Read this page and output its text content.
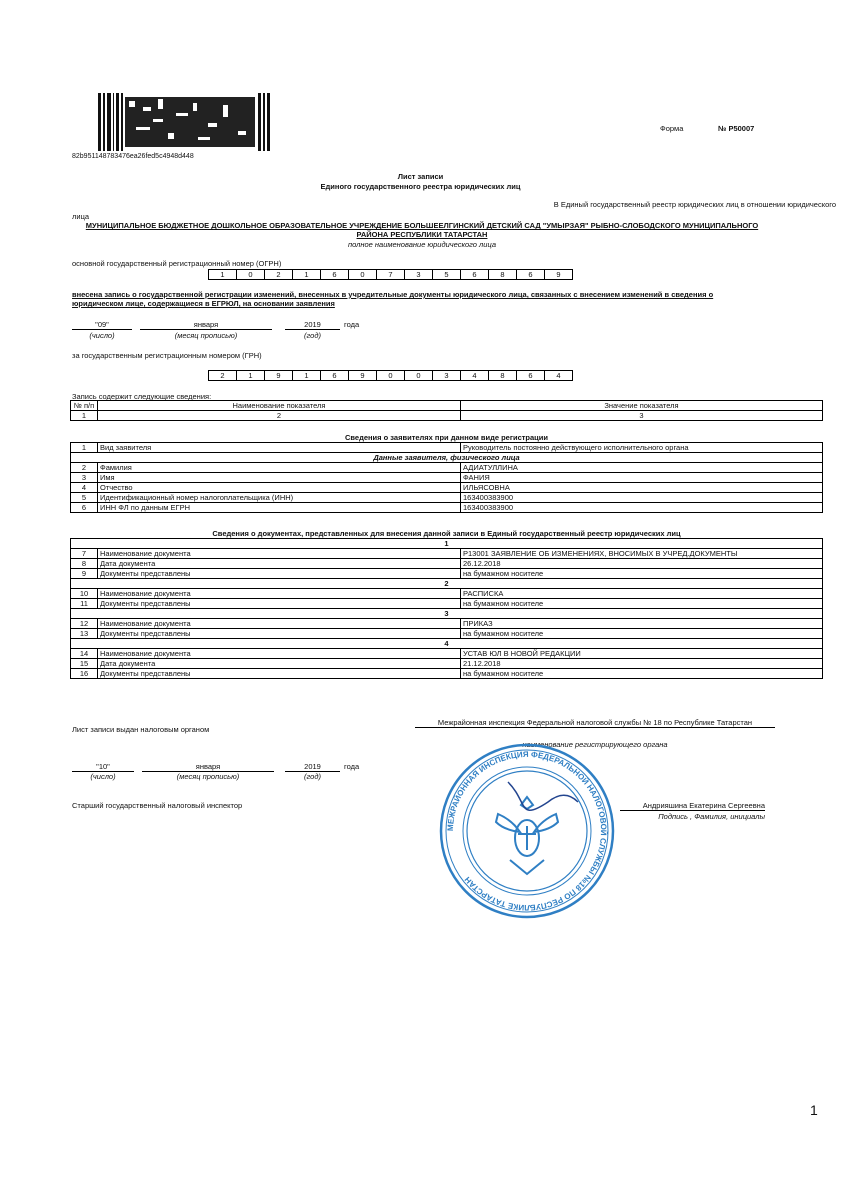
82b951148783476ea26fed5c4948d448
Форма	№ Р50007
Лист записи
Единого государственного реестра юридических лиц
В Единый государственный реестр юридических лиц в отношении юридического
лица
МУНИЦИПАЛЬНОЕ БЮДЖЕТНОЕ ДОШКОЛЬНОЕ ОБРАЗОВАТЕЛЬНОЕ УЧРЕЖДЕНИЕ БОЛЬШЕЕЛГИНСКИЙ ДЕТСКИЙ САД "УМЫРЗАЯ" РЫБНО-СЛОБОДСКОГО МУНИЦИПАЛЬНОГО РАЙОНА РЕСПУБЛИКИ ТАТАРСТАН
полное наименование юридического лица
основной государственный регистрационный номер (ОГРН)
1	0	2	1	6	0	7	3	5	6	8	6	9
внесена запись о государственной регистрации изменений, внесенных в учредительные документы юридического лица, связанных с внесением изменений в сведения о юридическом лице, содержащиеся в ЕГРЮЛ, на основании заявления
"09"	января	2019	года
(число)	(месяц прописью)	(год)
за государственным регистрационным номером (ГРН)
2	1	9	1	6	9	0	0	3	4	8	6	4
Запись содержит следующие сведения:
№ п/п	Наименование показателя	Значение показателя
1	2	3
Сведения о заявителях при данном виде регистрации
1	Вид заявителя	Руководитель постоянно действующего исполнительного органа
Данные заявителя, физического лица		
2	Фамилия	АДИАТУЛЛИНА
3	Имя	ФАНИЯ
4	Отчество	ИЛЬЯСОВНА
5	Идентификационный номер налогоплательщика (ИНН)	163400383900
6	ИНН ФЛ по данным ЕГРН	163400383900
Сведения о документах, представленных для внесения данной записи в Единый государственный реестр юридических лиц
1		
7	Наименование документа	Р13001 ЗАЯВЛЕНИЕ ОБ ИЗМЕНЕНИЯХ, ВНОСИМЫХ В УЧРЕД.ДОКУМЕНТЫ
8	Дата документа	26.12.2018
9	Документы представлены	на бумажном носителе
2		
10	Наименование документа	РАСПИСКА
11	Документы представлены	на бумажном носителе
3		
12	Наименование документа	ПРИКАЗ
13	Документы представлены	на бумажном носителе
4		
14	Наименование документа	УСТАВ ЮЛ В НОВОЙ РЕДАКЦИИ
15	Дата документа	21.12.2018
16	Документы представлены	на бумажном носителе
Лист записи выдан налоговым органом
Межрайонная инспекция Федеральной налоговой службы № 18 по Республике Татарстан
наименование регистрирующего органа
"10"	января	2019	года
(число)	(месяц прописью)	(год)
Старший государственный налоговый инспектор	Андрияшина Екатерина Сергеевна
Подпись , Фамилия, инициалы
МЕЖРАЙОННАЯ ИНСПЕКЦИЯ ФЕДЕРАЛЬНОЙ НАЛОГОВОЙ СЛУЖБЫ №18 ПО РЕСПУБЛИКЕ ТАТАРСТАН
1
